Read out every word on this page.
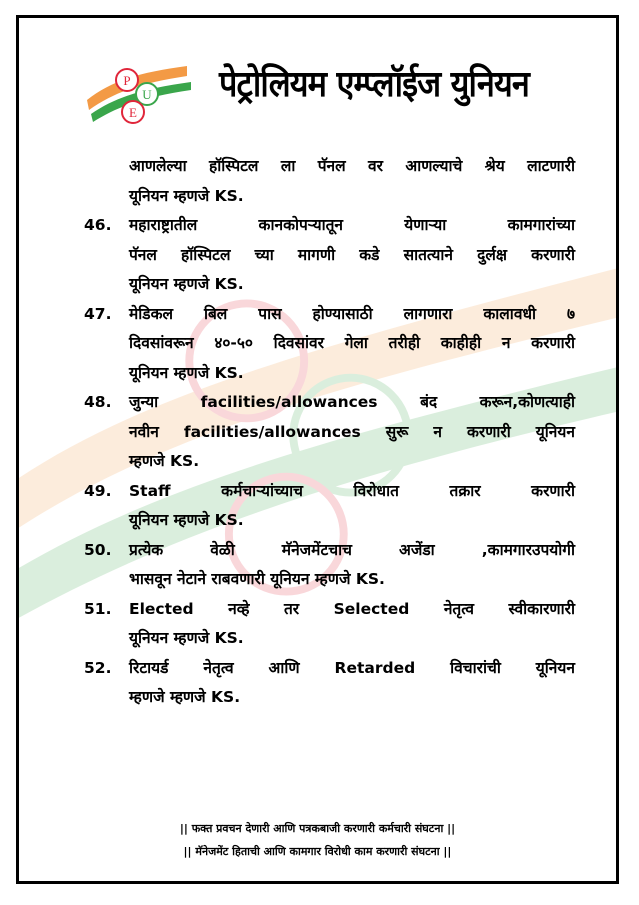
P
U
E
पेट्रोलियम एम्प्लॉईज युनियन
आणलेल्या हॉस्पिटल ला पॅनल वर आणल्याचे श्रेय लाटणारी
यूनियन म्हणजे KS.
46. महाराष्ट्रातील कानकोपऱ्यातून येणाऱ्या कामगारांच्या
पॅनल हॉस्पिटल च्या मागणी कडे सातत्याने दुर्लक्ष करणारी
यूनियन म्हणजे KS.
47. मेडिकल बिल पास होण्यासाठी लागणारा कालावधी ७
दिवसांवरून ४०-५० दिवसांवर गेला तरीही काहीही न करणारी
यूनियन म्हणजे KS.
48. जुन्या facilities/allowances बंद करून,कोणत्याही
नवीन facilities/allowances सुरू न करणारी यूनियन
म्हणजे KS.
49. Staff कर्मचाऱ्यांच्याच विरोधात तक्रार करणारी
यूनियन म्हणजे KS.
50. प्रत्येक वेळी मॅनेजमेंटचाच अजेंडा ,कामगारउपयोगी
भासवून नेटाने राबवणारी यूनियन म्हणजे KS.
51. Elected नव्हे तर Selected नेतृत्व स्वीकारणारी
यूनियन म्हणजे KS.
52. रिटायर्ड नेतृत्व आणि Retarded विचारांची यूनियन
म्हणजे म्हणजे KS.
|| फक्त प्रवचन देणारी आणि पत्रकबाजी करणारी कर्मचारी संघटना ||
|| मॅनेजमेंट हिताची आणि कामगार विरोधी काम करणारी संघटना ||
